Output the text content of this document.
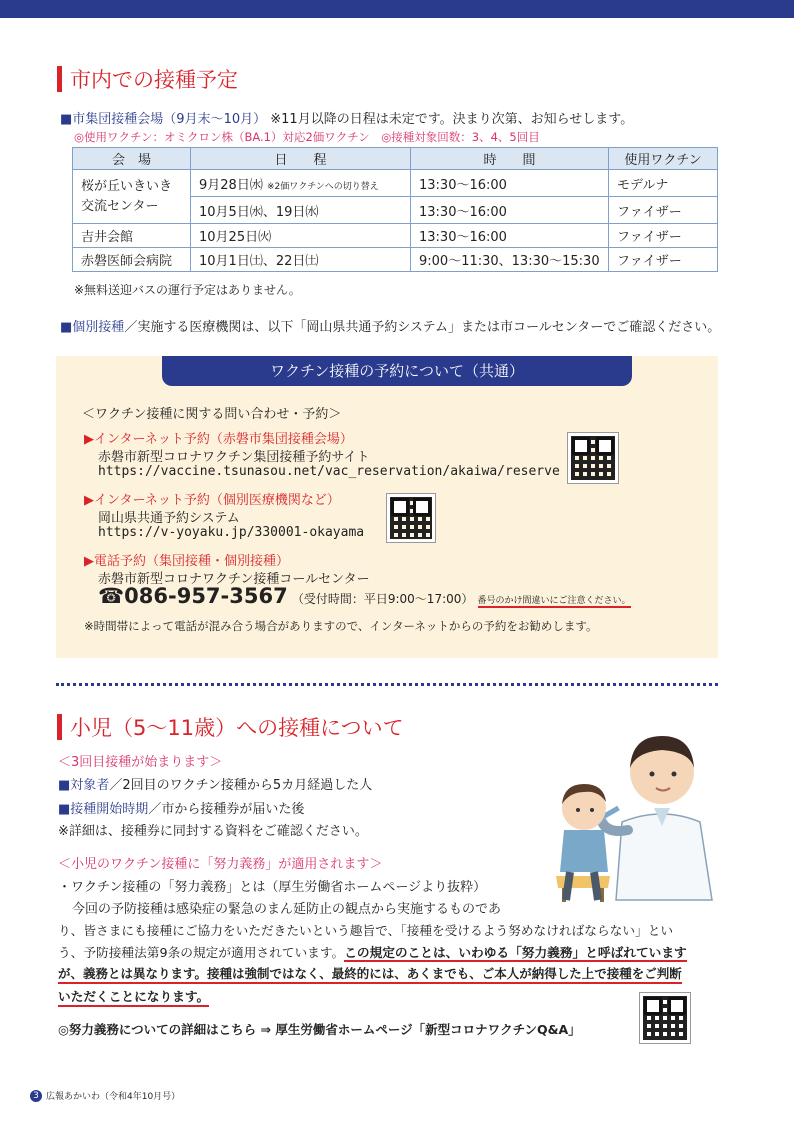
市内での接種予定
■市集団接種会場（9月末～10月） ※11月以降の日程は未定です。決まり次第、お知らせします。
◎使用ワクチン：オミクロン株（BA.1）対応2価ワクチン　◎接種対象回数：3、4、5回目
会　場	日　　程	時　　間	使用ワクチン
桜が丘いきいき交流センター	9月28日㈬ ※2価ワクチンへの切り替え	13:30～16:00	モデルナ
	10月5日㈬、19日㈬	13:30～16:00	ファイザー
吉井会館	10月25日㈫	13:30～16:00	ファイザー
赤磐医師会病院	10月1日㈯、22日㈯	9:00～11:30、13:30～15:30	ファイザー
※無料送迎バスの運行予定はありません。
■個別接種／実施する医療機関は、以下「岡山県共通予約システム」または市コールセンターでご確認ください。
ワクチン接種の予約について（共通）
＜ワクチン接種に関する問い合わせ・予約＞
▶インターネット予約（赤磐市集団接種会場）
赤磐市新型コロナワクチン集団接種予約サイト
https://vaccine.tsunasou.net/vac_reservation/akaiwa/reserve
▶インターネット予約（個別医療機関など）
岡山県共通予約システム
https://v-yoyaku.jp/330001-okayama
▶電話予約（集団接種・個別接種）
赤磐市新型コロナワクチン接種コールセンター
☎086-957-3567 （受付時間：平日9:00～17:00） 番号のかけ間違いにご注意ください。
※時間帯によって電話が混み合う場合がありますので、インターネットからの予約をお勧めします。
小児（5～11歳）への接種について
＜3回目接種が始まります＞
■対象者／2回目のワクチン接種から5カ月経過した人
■接種開始時期／市から接種券が届いた後
※詳細は、接種券に同封する資料をご確認ください。
＜小児のワクチン接種に「努力義務」が適用されます＞
・ワクチン接種の「努力義務」とは（厚生労働省ホームページより抜粋）
今回の予防接種は感染症の緊急のまん延防止の観点から実施するものであ
り、皆さまにも接種にご協力をいただきたいという趣旨で、「接種を受けるよう努めなければならない」とい
う、予防接種法第9条の規定が適用されています。この規定のことは、いわゆる「努力義務」と呼ばれています
が、義務とは異なります。接種は強制ではなく、最終的には、あくまでも、ご本人が納得した上で接種をご判断
いただくことになります。
◎努力義務についての詳細はこちら ⇒ 厚生労働省ホームページ「新型コロナワクチンQ&A」
3 広報あかいわ（令和4年10月号）
